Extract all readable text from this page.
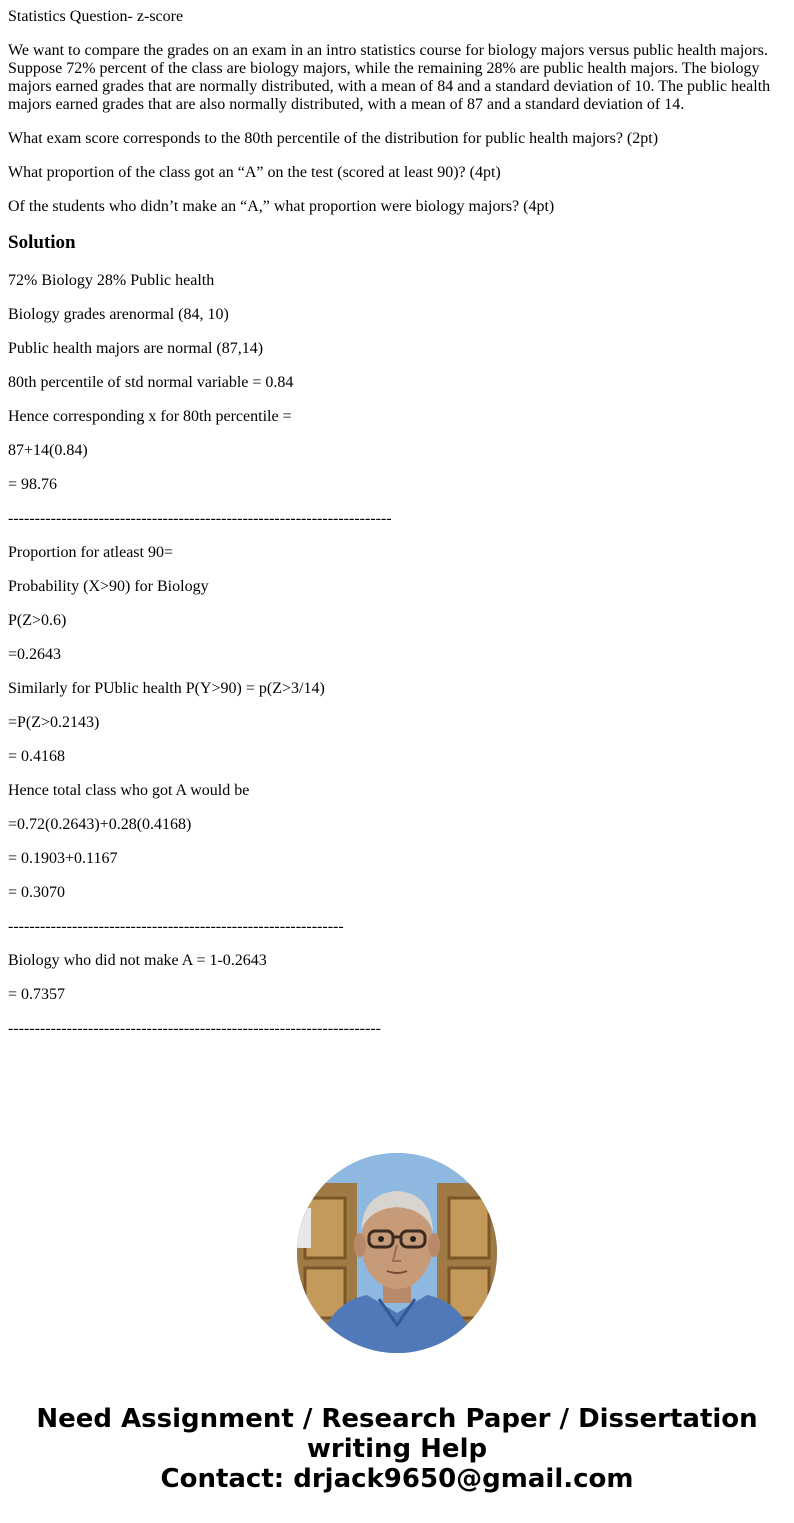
Statistics Question- z-score

We want to compare the grades on an exam in an intro statistics course for biology majors versus public health majors. Suppose 72% percent of the class are biology majors, while the remaining 28% are public health majors. The biology majors earned grades that are normally distributed, with a mean of 84 and a standard deviation of 10. The public health majors earned grades that are also normally distributed, with a mean of 87 and a standard deviation of 14.

What exam score corresponds to the 80th percentile of the distribution for public health majors? (2pt)

What proportion of the class got an “A” on the test (scored at least 90)? (4pt)

Of the students who didn’t make an “A,” what proportion were biology majors? (4pt)

Solution
72% Biology 28% Public health
Biology grades arenormal (84, 10)
Public health majors are normal (87,14)
80th percentile of std normal variable = 0.84
Hence corresponding x for 80th percentile =
87+14(0.84)
= 98.76
------------------------------------------------------------------------
Proportion for atleast 90=
Probability (X>90) for Biology
P(Z>0.6)
=0.2643
Similarly for PUblic health P(Y>90) = p(Z>3/14)
=P(Z>0.2143)
= 0.4168
Hence total class who got A would be
=0.72(0.2643)+0.28(0.4168)
= 0.1903+0.1167
= 0.3070
---------------------------------------------------------------
Biology who did not make A = 1-0.2643
= 0.7357
----------------------------------------------------------------------
Need Assignment / Research Paper / Dissertation
writing Help
Contact: drjack9650@gmail.com
